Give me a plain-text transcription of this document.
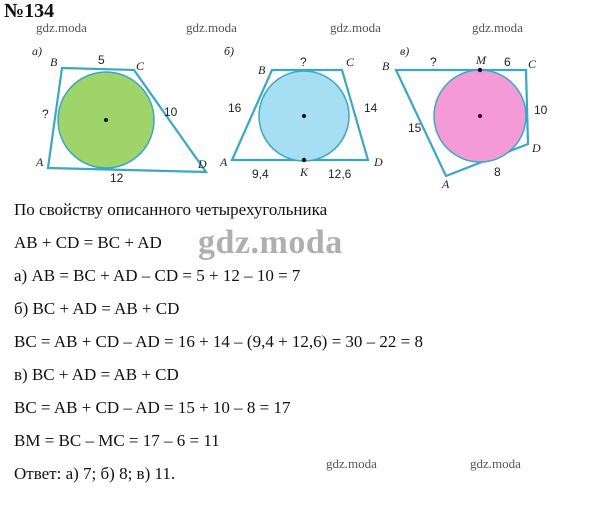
№134
gdz.moda	gdz.moda	gdz.moda	gdz.moda
а)
B	C
A	D
5
?	10
12
б)
B
C
A	D
K
?
16	14
9,4	12,6
в)
B	C
A
D
M
?	6
15
10
8
По свойству описанного четырехугольника
AB + CD = BC + AD
а) AB = BC + AD – CD = 5 + 12 – 10 = 7
б) BC + AD = AB + CD
BC = AB + CD – AD = 16 + 14 – (9,4 + 12,6) = 30 – 22 = 8
в) BC + AD = AB + CD
BC = AB + CD – AD = 15 + 10 – 8 = 17
BM = BC – MC = 17 – 6 = 11
Ответ: а) 7; б) 8; в) 11.
gdz.moda
gdz.moda	gdz.moda
